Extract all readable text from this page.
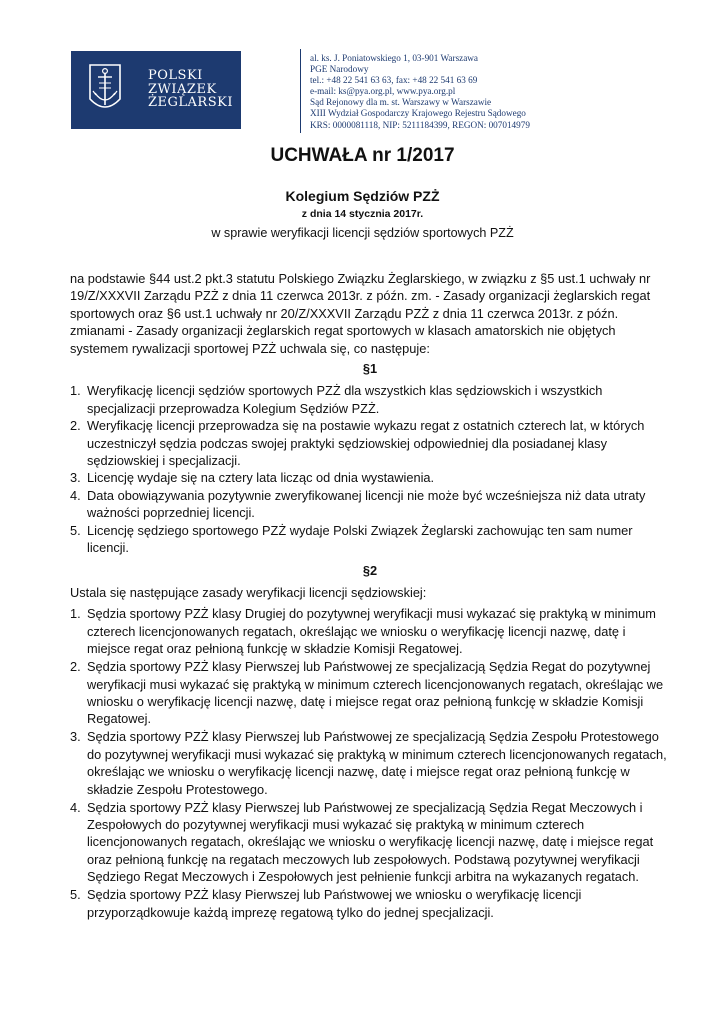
POLSKI
ZWIĄZEK
ŻEGLARSKI
al. ks. J. Poniatowskiego 1, 03-901 Warszawa
PGE Narodowy
tel.: +48 22 541 63 63, fax: +48 22 541 63 69
e-mail: ks@pya.org.pl, www.pya.org.pl
Sąd Rejonowy dla m. st. Warszawy w Warszawie
XIII Wydział Gospodarczy Krajowego Rejestru Sądowego
KRS: 0000081118, NIP: 5211184399, REGON: 007014979
UCHWAŁA nr 1/2017
Kolegium Sędziów PZŻ
z dnia 14 stycznia 2017r.
w sprawie weryfikacji licencji sędziów sportowych PZŻ

na podstawie §44 ust.2 pkt.3 statutu Polskiego Związku Żeglarskiego, w związku z §5 ust.1 uchwały nr 19/Z/XXXVII Zarządu PZŻ z dnia 11 czerwca 2013r. z późn. zm. - Zasady organizacji żeglarskich regat sportowych oraz §6 ust.1 uchwały nr 20/Z/XXXVII Zarządu PZŻ z dnia 11 czerwca 2013r. z późn. zmianami - Zasady organizacji żeglarskich regat sportowych w klasach amatorskich nie objętych systemem rywalizacji sportowej PZŻ uchwala się, co następuje:

§1
1. Weryfikację licencji sędziów sportowych PZŻ dla wszystkich klas sędziowskich i wszystkich specjalizacji przeprowadza Kolegium Sędziów PZŻ.
2. Weryfikację licencji przeprowadza się na postawie wykazu regat z ostatnich czterech lat, w których uczestniczył sędzia podczas swojej praktyki sędziowskiej odpowiedniej dla posiadanej klasy sędziowskiej i specjalizacji.
3. Licencję wydaje się na cztery lata licząc od dnia wystawienia.
4. Data obowiązywania pozytywnie zweryfikowanej licencji nie może być wcześniejsza niż data utraty ważności poprzedniej licencji.
5. Licencję sędziego sportowego PZŻ wydaje Polski Związek Żeglarski zachowując ten sam numer licencji.
§2

Ustala się następujące zasady weryfikacji licencji sędziowskiej:

1. Sędzia sportowy PZŻ klasy Drugiej do pozytywnej weryfikacji musi wykazać się praktyką w minimum czterech licencjonowanych regatach, określając we wniosku o weryfikację licencji nazwę, datę i miejsce regat oraz pełnioną funkcję w składzie Komisji Regatowej.
2. Sędzia sportowy PZŻ klasy Pierwszej lub Państwowej ze specjalizacją Sędzia Regat do pozytywnej weryfikacji musi wykazać się praktyką w minimum czterech licencjonowanych regatach, określając we wniosku o weryfikację licencji nazwę, datę i miejsce regat oraz pełnioną funkcję w składzie Komisji Regatowej.
3. Sędzia sportowy PZŻ klasy Pierwszej lub Państwowej ze specjalizacją Sędzia Zespołu Protestowego do pozytywnej weryfikacji musi wykazać się praktyką w minimum czterech licencjonowanych regatach, określając we wniosku o weryfikację licencji nazwę, datę i miejsce regat oraz pełnioną funkcję w składzie Zespołu Protestowego.
4. Sędzia sportowy PZŻ klasy Pierwszej lub Państwowej ze specjalizacją Sędzia Regat Meczowych i Zespołowych do pozytywnej weryfikacji musi wykazać się praktyką w minimum czterech licencjonowanych regatach, określając we wniosku o weryfikację licencji nazwę, datę i miejsce regat oraz pełnioną funkcję na regatach meczowych lub zespołowych. Podstawą pozytywnej weryfikacji Sędziego Regat Meczowych i Zespołowych jest pełnienie funkcji arbitra na wykazanych regatach.
5. Sędzia sportowy PZŻ klasy Pierwszej lub Państwowej we wniosku o weryfikację licencji przyporządkowuje każdą imprezę regatową tylko do jednej specjalizacji.
